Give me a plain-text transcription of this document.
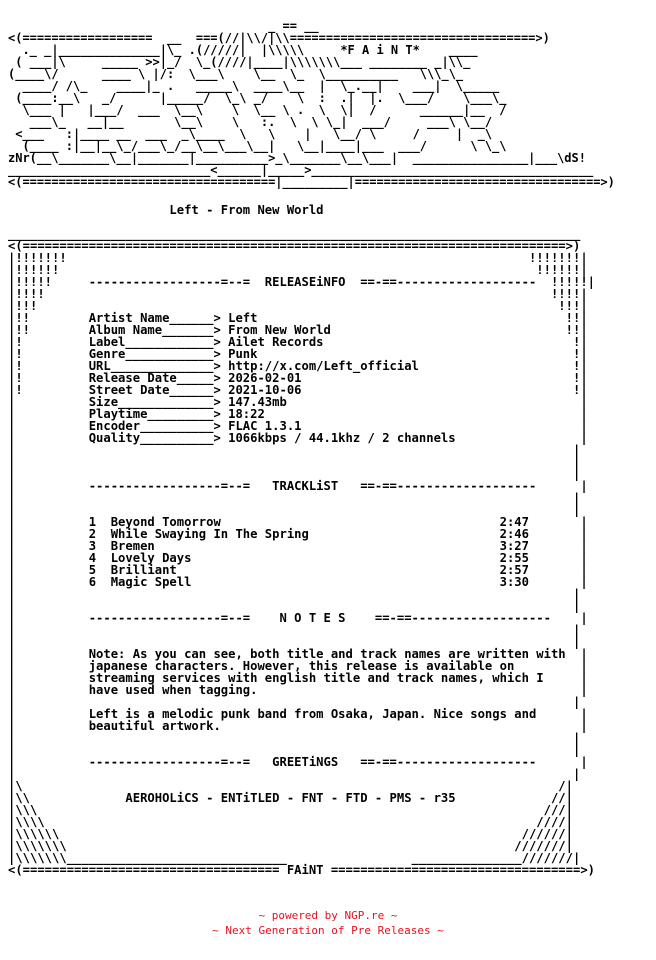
_ == __
<(==================  __  ===(//|\\/|\\==================================>)
._ _|______________|\_ .(/////|  |\\\\\     *F A i N T*    ____
( ___|\     _____ >>|_/  \_(////|____|\\\\\\\___ ________ _|\\_
(____\/      ____ \ |/:  \___\    \__  \_  \__________   \\\_\_
____/ /\_    ____|_ .   _____\  ____\__  |  \_.__|    ___|  \_____
(____:__\   _/      |_____/  \_\ _/    \  :  .|  |.  \___/    \___\_
\___ |   |___/  ___  \__\    \  \__ \ .  \  \|  /      ______|__  /
___\_   __|__       \__\    \   :.  \  \ \_|  ___/     ___\ \__/
<___   :|____ __  ___  _\____  \   \    |   \__/ \     /     |  _\
(____ :|__|__\_/___\_/__\__\___\__|   \__|____|___  ___/      \ \_\
zNr(__\_______\__|_______|__________>_\_______\__\___|  ________________|___\dS!
____________________________<______|_____>_______________________________________
<(===================================|_________|==================================>)
Left - From New World

______________________________________________________________________________
<(==========================================================================>)
|!!!!!!!                                                               !!!!!!!|
|!!!!!!                                                                 !!!!!!|
|!!!!!     ------------------=--=  RELEASEiNFO  ==-==-------------------  !!!!!|
|!!!!                                                                     !!!!|
|!!!                                                                       !!!|
|!!        Artist Name______> Left                                          !!|
|!!        Album Name_______> From New World                                !!|
|!         Label____________> Ailet Records                                  !|
|!         Genre____________> Punk                                           !|
|!         URL______________> http://x.com/Left_official                     !|
|!         Release Date_____> 2026-02-01                                     !|
|!         Street Date______> 2021-10-06                                     !|
|          Size_____________> 147.43mb                                        |
|          Playtime_________> 18:22                                           |
|          Encoder__________> FLAC 1.3.1                                      |
|          Quality__________> 1066kbps / 44.1khz / 2 channels                 |
|                                                                            |
|                                                                            |
|                                                                            |
|          ------------------=--=   TRACKLiST   ==-==-------------------      |
|                                                                            |
|                                                                            |
|          1  Beyond Tomorrow                                      2:47       |
|          2  While Swaying In The Spring                          2:46       |
|          3  Bremen                                               3:27       |
|          4  Lovely Days                                          2:55       |
|          5  Brilliant                                            2:57       |
|          6  Magic Spell                                          3:30       |
|                                                                            |
|                                                                            |
|          ------------------=--=    N O T E S    ==-==-------------------    |
|                                                                            |
|                                                                            |
|          Note: As you can see, both title and track names are written with  |
|          japanese characters. However, this release is available on         |
|          streaming services with english title and track names, which I     |
|          have used when tagging.                                            |
|                                                                            |
|          Left is a melodic punk band from Osaka, Japan. Nice songs and      |
|          beautiful artwork.                                                 |
|                                                                            |
|                                                                            |
|          ------------------=--=   GREETiNGS   ==-==-------------------      |
|                                                                            |
|\                                                                         /|
|\\             AEROHOLiCS - ENTiTLED - FNT - FTD - PMS - r35             //|
|\\\                                                                     ///|
|\\\\                                                                   ////|
|\\\\\\                                                               //////|
|\\\\\\\                                                             ///////|
|\\\\\\\______________________________                 _______________///////|
<(=================================== FAiNT ==================================>)
~ powered by NGP.re ~
~ Next Generation of Pre Releases ~
